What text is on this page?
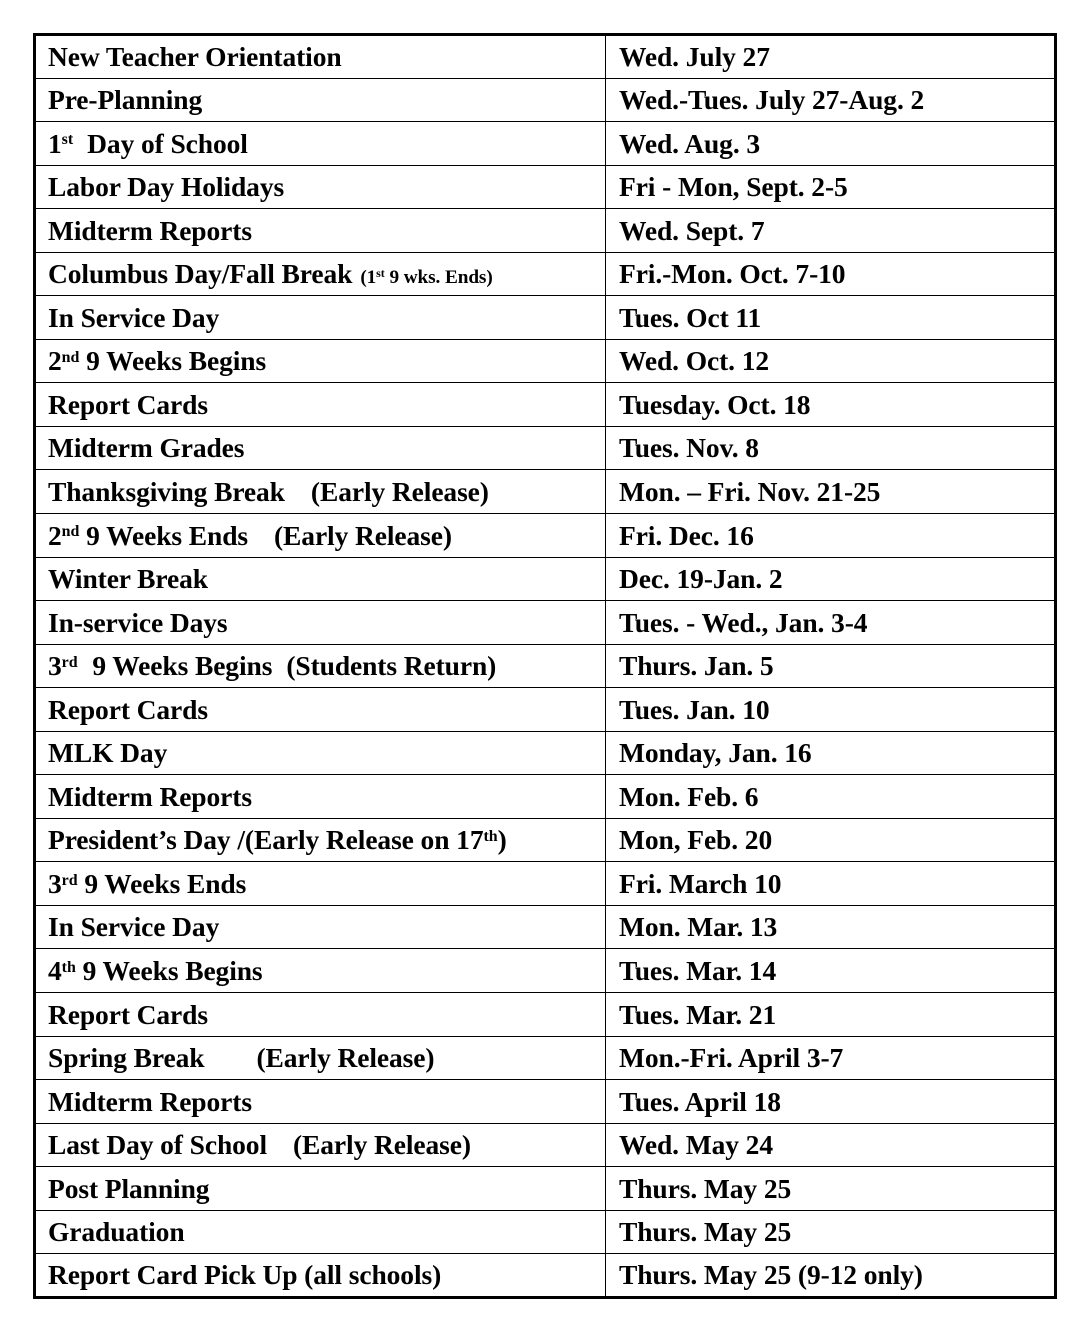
New Teacher Orientation	Wed. July 27
Pre-Planning	Wed.-Tues. July 27-Aug. 2
1st Day of School	Wed. Aug. 3
Labor Day Holidays	Fri - Mon, Sept. 2-5
Midterm Reports	Wed. Sept. 7
Columbus Day/Fall Break (1st 9 wks. Ends)	Fri.-Mon. Oct. 7-10
In Service Day	Tues. Oct 11
2nd 9 Weeks Begins	Wed. Oct. 12
Report Cards	Tuesday. Oct. 18
Midterm Grades	Tues. Nov. 8
Thanksgiving Break (Early Release)	Mon. – Fri. Nov. 21-25
2nd 9 Weeks Ends (Early Release)	Fri. Dec. 16
Winter Break	Dec. 19-Jan. 2
In-service Days	Tues. - Wed., Jan. 3-4
3rd 9 Weeks Begins (Students Return)	Thurs. Jan. 5
Report Cards	Tues. Jan. 10
MLK Day	Monday, Jan. 16
Midterm Reports	Mon. Feb. 6
President’s Day /(Early Release on 17th)	Mon, Feb. 20
3rd 9 Weeks Ends	Fri. March 10
In Service Day	Mon. Mar. 13
4th 9 Weeks Begins	Tues. Mar. 14
Report Cards	Tues. Mar. 21
Spring Break (Early Release)	Mon.-Fri. April 3-7
Midterm Reports	Tues. April 18
Last Day of School (Early Release)	Wed. May 24
Post Planning	Thurs. May 25
Graduation	Thurs. May 25
Report Card Pick Up (all schools)	Thurs. May 25 (9-12 only)
